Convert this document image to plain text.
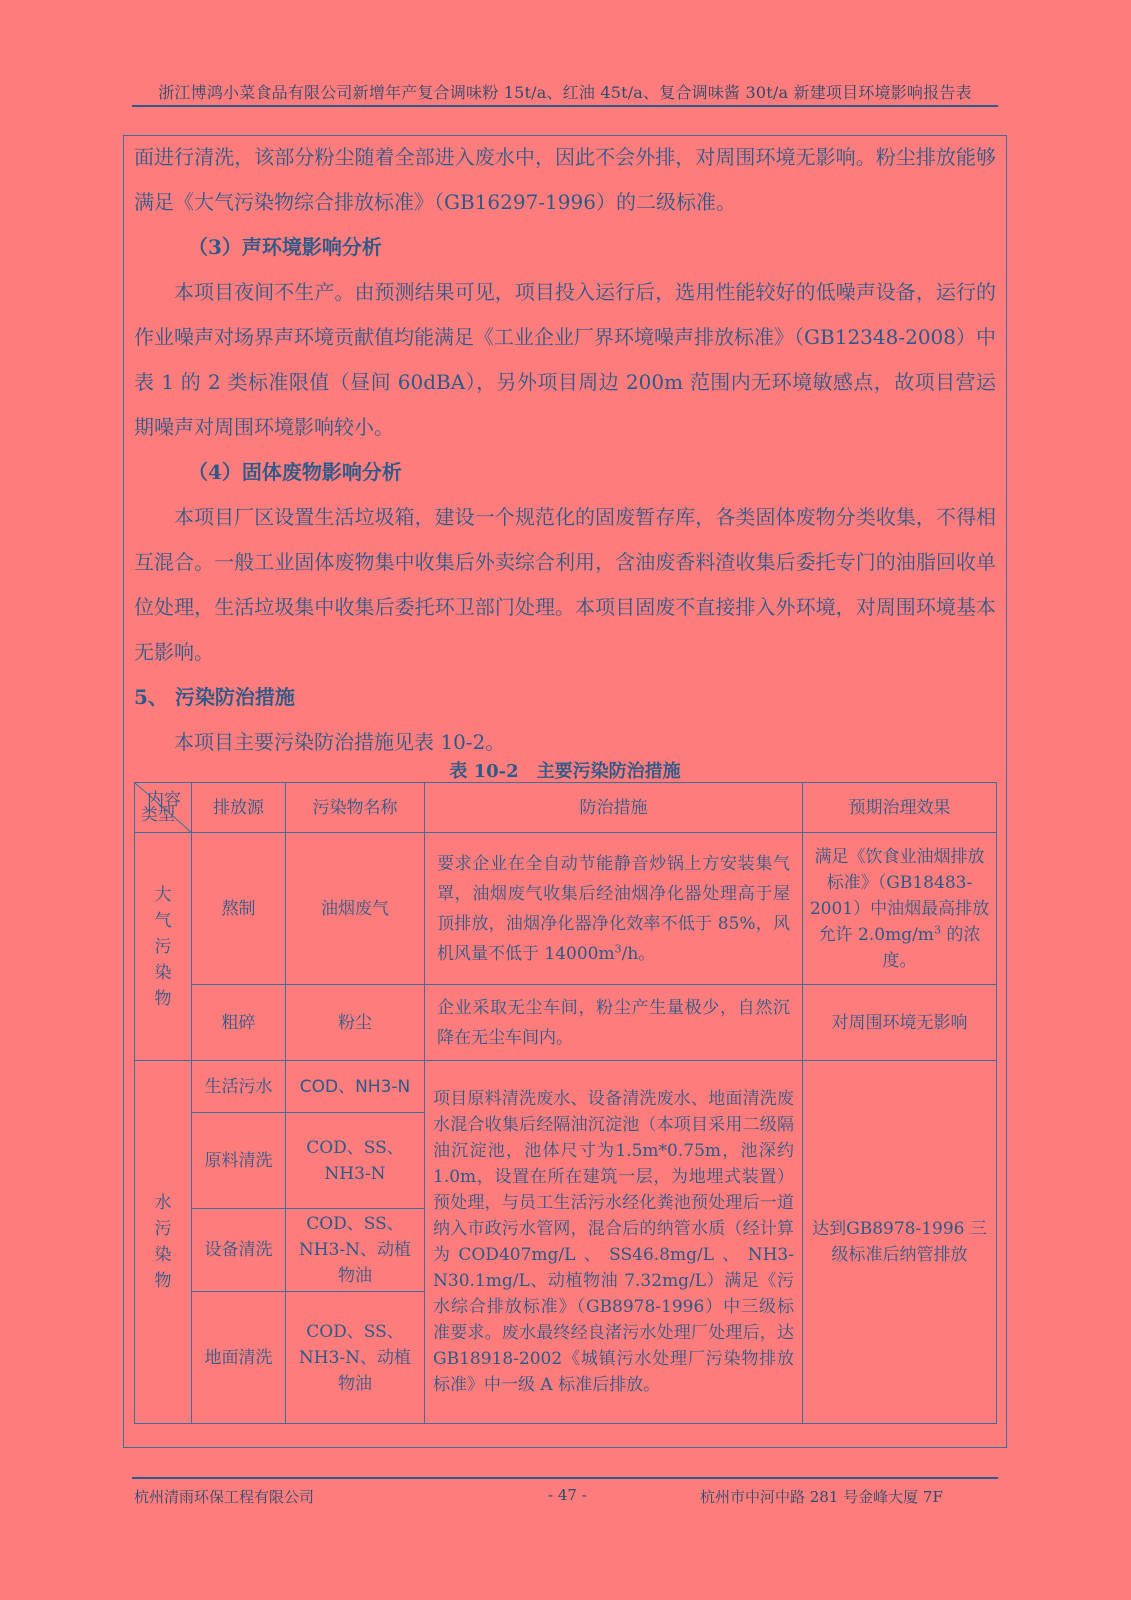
浙江博鸿小菜食品有限公司新增年产复合调味粉 15t/a、红油 45t/a、复合调味酱 30t/a 新建项目环境影响报告表

面进行清洗，该部分粉尘随着全部进入废水中，因此不会外排，对周围环境无影响。粉尘排放能够满足《大气污染物综合排放标准》（GB16297-1996）的二级标准。

（3）声环境影响分析

本项目夜间不生产。由预测结果可见，项目投入运行后，选用性能较好的低噪声设备，运行的作业噪声对场界声环境贡献值均能满足《工业企业厂界环境噪声排放标准》（GB12348-2008）中表 1 的 2 类标准限值（昼间 60dBA），另外项目周边 200m 范围内无环境敏感点，故项目营运期噪声对周围环境影响较小。

（4）固体废物影响分析

本项目厂区设置生活垃圾箱，建设一个规范化的固废暂存库，各类固体废物分类收集，不得相互混合。一般工业固体废物集中收集后外卖综合利用，含油废香料渣收集后委托专门的油脂回收单位处理，生活垃圾集中收集后委托环卫部门处理。本项目固废不直接排入外环境，对周围环境基本无影响。

5、 污染防治措施

本项目主要污染防治措施见表 10-2。

表 10-2　主要污染防治措施
内容
类型	排放源	污染物名称	防治措施	预期治理效果
大气污染物	熬制	油烟废气	要求企业在全自动节能静音炒锅上方安装集气罩，油烟废气收集后经油烟净化器处理高于屋顶排放，油烟净化器净化效率不低于 85%，风机风量不低于 $14000m^3/h$。	满足《饮食业油烟排放标准》（GB18483-2001）中油烟最高排放允许 $2.0mg/m^3$ 的浓度。
	粗碎	粉尘	企业采取无尘车间，粉尘产生量极少，自然沉降在无尘车间内。	对周围环境无影响
水污染物	生活污水	COD、NH3-N	项目原料清洗废水、设备清洗废水、地面清洗废水混合收集后经隔油沉淀池（本项目采用二级隔油沉淀池，池体尺寸为1.5m*0.75m，池深约 1.0m，设置在所在建筑一层，为地埋式装置）预处理，与员工生活污水经化粪池预处理后一道纳入市政污水管网，混合后的纳管水质（经计算为COD407mg/L、SS46.8mg/L、NH3-N30.1mg/L、动植物油 7.32mg/L）满足《污水综合排放标准》（GB8978-1996）中三级标准要求。废水最终经良渚污水处理厂处理后，达 GB18918-2002《城镇污水处理厂污染物排放标准》中一级 A 标准后排放。	达到GB8978-1996 三级标准后纳管排放
	原料清洗	COD、SS、NH3-N		
	设备清洗	COD、SS、NH3-N、动植物油		
	地面清洗	COD、SS、NH3-N、动植物油		
杭州清雨环保工程有限公司	- 47 -	杭州市中河中路 281 号金峰大厦 7F
